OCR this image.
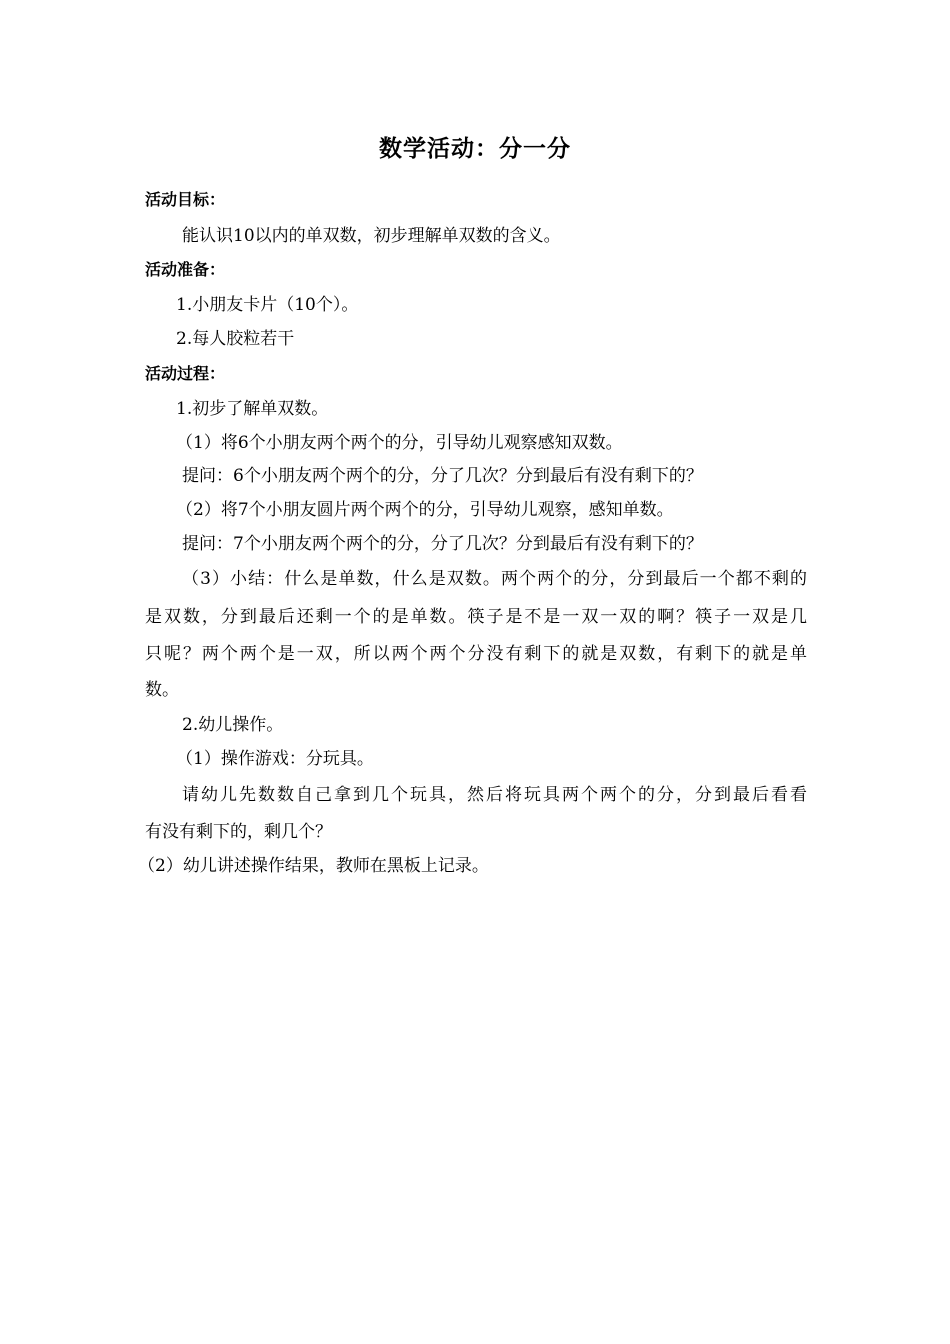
数学活动：分一分
活动目标：
能认识10以内的单双数，初步理解单双数的含义。
活动准备：
1.小朋友卡片（10个）。
2.每人胶粒若干
活动过程：
1.初步了解单双数。
（1）将6个小朋友两个两个的分，引导幼儿观察感知双数。
提问：6个小朋友两个两个的分，分了几次？分到最后有没有剩下的？
（2）将7个小朋友圆片两个两个的分，引导幼儿观察，感知单数。
提问：7个小朋友两个两个的分，分了几次？分到最后有没有剩下的？
（3）小结：什么是单数，什么是双数。两个两个的分，分到最后一个都不剩的
是双数，分到最后还剩一个的是单数。筷子是不是一双一双的啊？筷子一双是几
只呢？两个两个是一双，所以两个两个分没有剩下的就是双数，有剩下的就是单
数。
2.幼儿操作。
（1）操作游戏：分玩具。
请幼儿先数数自己拿到几个玩具，然后将玩具两个两个的分，分到最后看看
有没有剩下的，剩几个？
（2）幼儿讲述操作结果，教师在黑板上记录。
